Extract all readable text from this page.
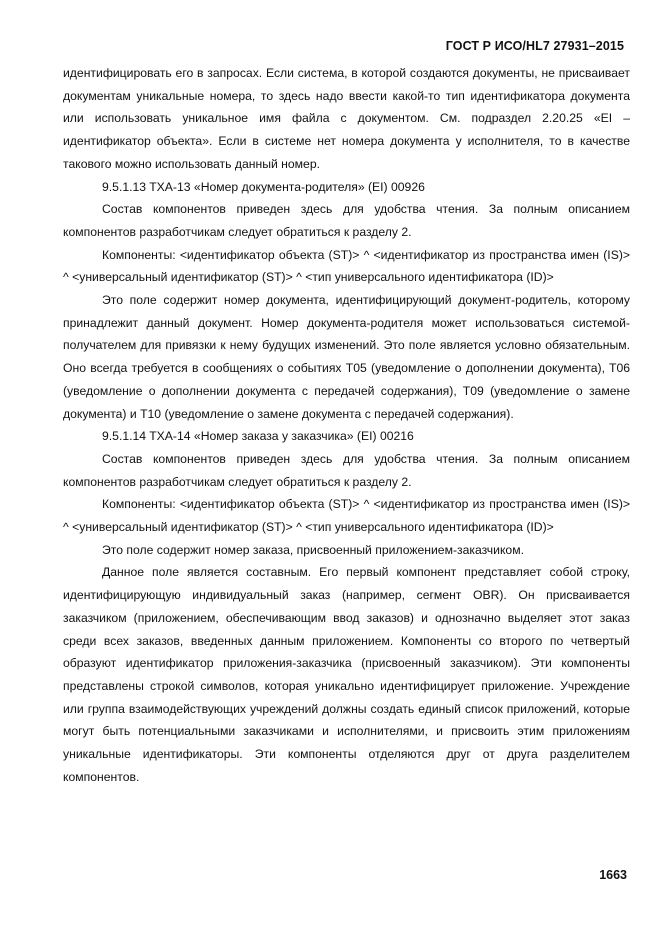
ГОСТ Р ИСО/HL7 27931–2015

идентифицировать его в запросах. Если система, в которой создаются документы, не присваивает документам уникальные номера, то здесь надо ввести какой-то тип идентификатора документа или использовать уникальное имя файла с документом. См. подраздел 2.20.25 «EI – идентификатор объекта». Если в системе нет номера документа у исполнителя, то в качестве такового можно использовать данный номер.

9.5.1.13 TXA-13 «Номер документа-родителя» (EI) 00926

Состав компонентов приведен здесь для удобства чтения. За полным описанием компонентов разработчикам следует обратиться к разделу 2.

Компоненты: <идентификатор объекта (ST)> ^ <идентификатор из пространства имен (IS)> ^ <универсальный идентификатор (ST)> ^ <тип универсального идентификатора (ID)>

Это поле содержит номер документа, идентифицирующий документ-родитель, которому принадлежит данный документ. Номер документа-родителя может использоваться системой-получателем для привязки к нему будущих изменений. Это поле является условно обязательным. Оно всегда требуется в сообщениях о событиях T05 (уведомление о дополнении документа), T06 (уведомление о дополнении документа с передачей содержания), T09 (уведомление о замене документа) и T10 (уведомление о замене документа с передачей содержания).

9.5.1.14 TXA-14 «Номер заказа у заказчика» (EI) 00216

Состав компонентов приведен здесь для удобства чтения. За полным описанием компонентов разработчикам следует обратиться к разделу 2.

Компоненты: <идентификатор объекта (ST)> ^ <идентификатор из пространства имен (IS)> ^ <универсальный идентификатор (ST)> ^ <тип универсального идентификатора (ID)>

Это поле содержит номер заказа, присвоенный приложением-заказчиком.

Данное поле является составным. Его первый компонент представляет собой строку, идентифицирующую индивидуальный заказ (например, сегмент OBR). Он присваивается заказчиком (приложением, обеспечивающим ввод заказов) и однозначно выделяет этот заказ среди всех заказов, введенных данным приложением. Компоненты со второго по четвертый образуют идентификатор приложения-заказчика (присвоенный заказчиком). Эти компоненты представлены строкой символов, которая уникально идентифицирует приложение. Учреждение или группа взаимодействующих учреждений должны создать единый список приложений, которые могут быть потенциальными заказчиками и исполнителями, и присвоить этим приложениям уникальные идентификаторы. Эти компоненты отделяются друг от друга разделителем компонентов.

1663
